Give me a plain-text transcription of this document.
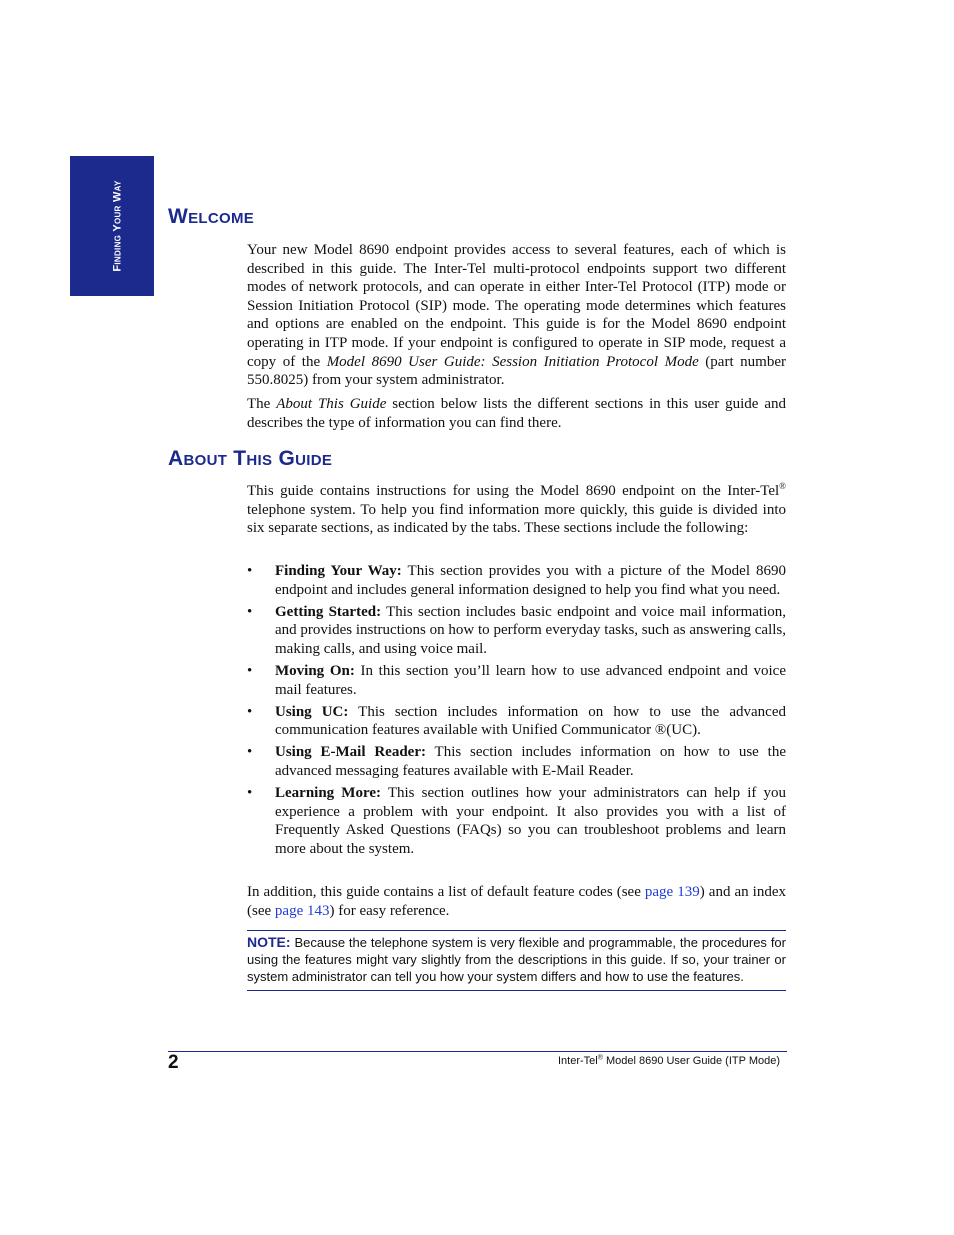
Finding Your Way Welcome

Your new Model 8690 endpoint provides access to several features, each of which is described in this guide. The Inter-Tel multi-protocol endpoints support two different modes of network protocols, and can operate in either Inter-Tel Protocol (ITP) mode or Session Initiation Protocol (SIP) mode. The operating mode determines which features and options are enabled on the endpoint. This guide is for the Model 8690 endpoint operating in ITP mode. If your endpoint is configured to operate in SIP mode, request a copy of the Model 8690 User Guide: Session Initiation Protocol Mode (part number 550.8025) from your system administrator.

The About This Guide section below lists the different sections in this user guide and describes the type of information you can find there.

About This Guide

This guide contains instructions for using the Model 8690 endpoint on the Inter-Tel® telephone system. To help you find information more quickly, this guide is divided into six separate sections, as indicated by the tabs. These sections include the following:

•	Finding Your Way: This section provides you with a picture of the Model 8690 endpoint and includes general information designed to help you find what you need.
•	Getting Started: This section includes basic endpoint and voice mail information, and provides instructions on how to perform everyday tasks, such as answering calls, making calls, and using voice mail.
•	Moving On: In this section you’ll learn how to use advanced endpoint and voice mail features.
•	Using UC: This section includes information on how to use the advanced communication features available with Unified Communicator ®(UC).
•	Using E-Mail Reader: This section includes information on how to use the advanced messaging features available with E-Mail Reader.
•	Learning More: This section outlines how your administrators can help if you experience a problem with your endpoint. It also provides you with a list of Frequently Asked Questions (FAQs) so you can troubleshoot problems and learn more about the system.

In addition, this guide contains a list of default feature codes (see page 139) and an index (see page 143) for easy reference.

NOTE: Because the telephone system is very flexible and programmable, the procedures for using the features might vary slightly from the descriptions in this guide. If so, your trainer or system administrator can tell you how your system differs and how to use the features.
2	Inter-Tel® Model 8690 User Guide (ITP Mode)
